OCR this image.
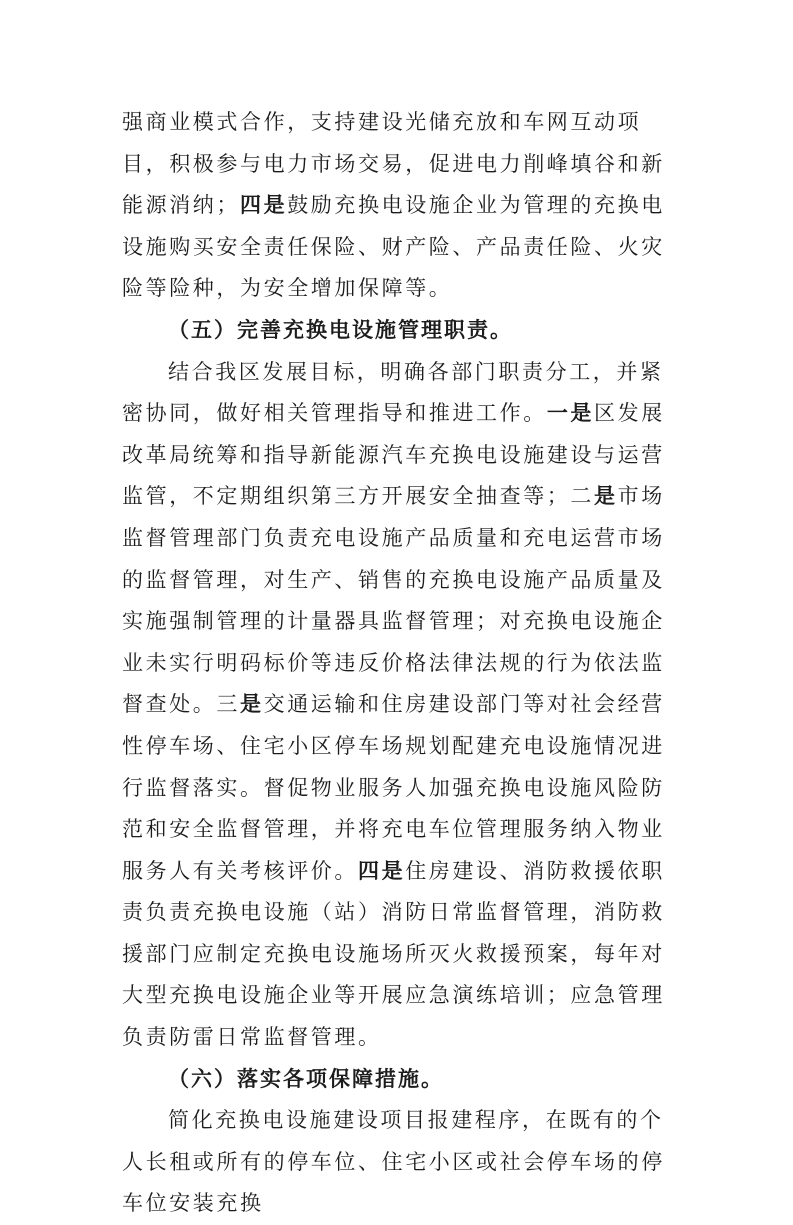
强商业模式合作，支持建设光储充放和车网互动项目，积极参与电力市场交易，促进电力削峰填谷和新能源消纳；四是鼓励充换电设施企业为管理的充换电设施购买安全责任保险、财产险、产品责任险、火灾险等险种，为安全增加保障等。

（五）完善充换电设施管理职责。

结合我区发展目标，明确各部门职责分工，并紧密协同，做好相关管理指导和推进工作。一是区发展改革局统筹和指导新能源汽车充换电设施建设与运营监管，不定期组织第三方开展安全抽查等；二是市场监督管理部门负责充电设施产品质量和充电运营市场的监督管理，对生产、销售的充换电设施产品质量及实施强制管理的计量器具监督管理；对充换电设施企业未实行明码标价等违反价格法律法规的行为依法监督查处。三是交通运输和住房建设部门等对社会经营性停车场、住宅小区停车场规划配建充电设施情况进行监督落实。督促物业服务人加强充换电设施风险防范和安全监督管理，并将充电车位管理服务纳入物业服务人有关考核评价。四是住房建设、消防救援依职责负责充换电设施（站）消防日常监督管理，消防救援部门应制定充换电设施场所灭火救援预案，每年对大型充换电设施企业等开展应急演练培训；应急管理负责防雷日常监督管理。

（六）落实各项保障措施。

简化充换电设施建设项目报建程序，在既有的个人长租或所有的停车位、住宅小区或社会停车场的停车位安装充换
